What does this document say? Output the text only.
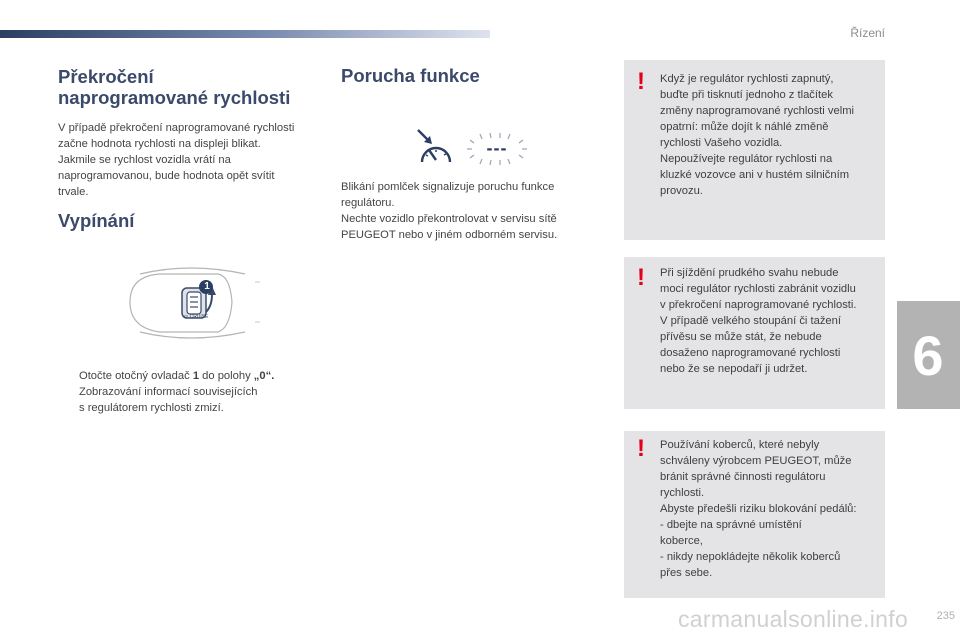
Řízení
Překročení
naprogramované rychlosti
V případě překročení naprogramované rychlosti
začne hodnota rychlosti na displeji blikat.
Jakmile se rychlost vozidla vrátí na
naprogramovanou, bude hodnota opět svítit
trvale.
Vypínání
1
⊙ CRUISE
Otočte otočný ovladač 1 do polohy „0“.
Zobrazování informací souvisejících
s regulátorem rychlosti zmizí.
Porucha funkce
---
Blikání pomlček signalizuje poruchu funkce
regulátoru.
Nechte vozidlo překontrolovat v servisu sítě
PEUGEOT nebo v jiném odborném servisu.
! Když je regulátor rychlosti zapnutý,
buďte při tisknutí jednoho z tlačítek
změny naprogramované rychlosti velmi
opatrní: může dojít k náhlé změně
rychlosti Vašeho vozidla.
Nepoužívejte regulátor rychlosti na
kluzké vozovce ani v hustém silničním
provozu.
! Při sjíždění prudkého svahu nebude
moci regulátor rychlosti zabránit vozidlu
v překročení naprogramované rychlosti.
V případě velkého stoupání či tažení
přívěsu se může stát, že nebude
dosaženo naprogramované rychlosti
nebo že se nepodaří ji udržet.
! Používání koberců, které nebyly
schváleny výrobcem PEUGEOT, může
bránit správné činnosti regulátoru
rychlosti.
Abyste předešli riziku blokování pedálů:
- dbejte na správné umístění
koberce,
- nikdy nepokládejte několik koberců
přes sebe.
6
carmanualsonline.info	235
